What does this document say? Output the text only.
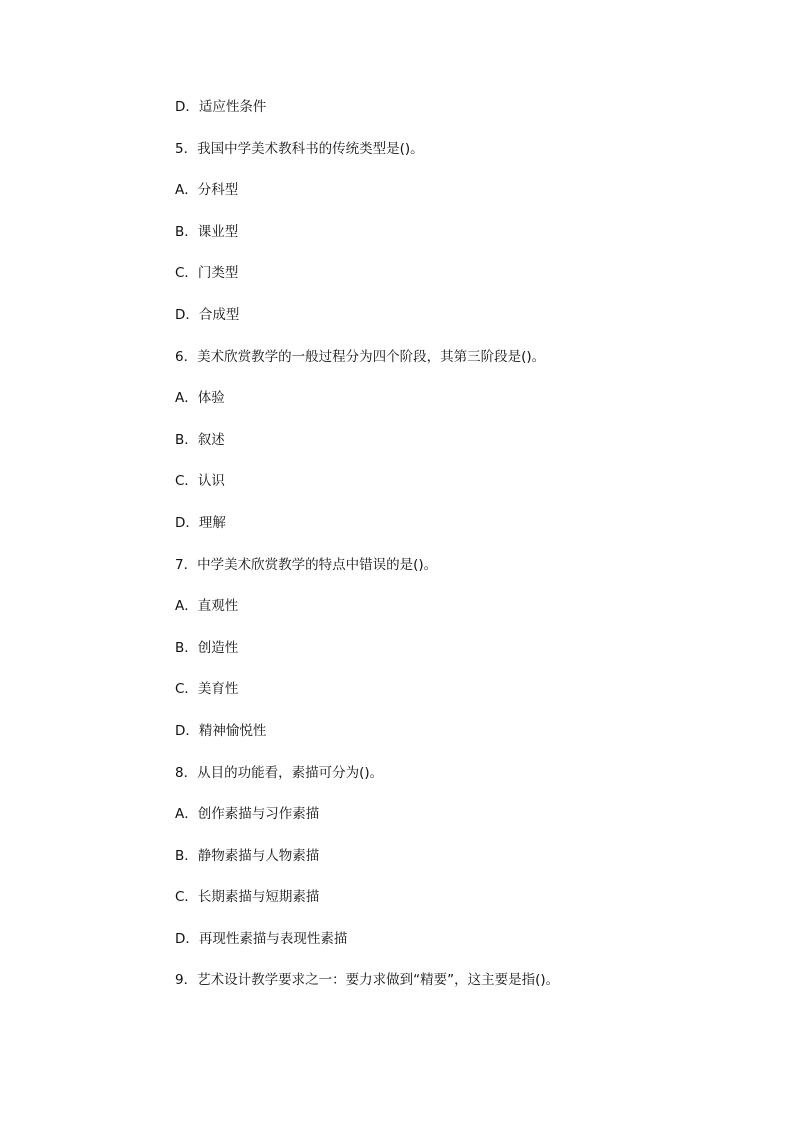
D．适应性条件
5．我国中学美术教科书的传统类型是()。
A．分科型
B．课业型
C．门类型
D．合成型
6．美术欣赏教学的一般过程分为四个阶段，其第三阶段是()。
A．体验
B．叙述
C．认识
D．理解
7．中学美术欣赏教学的特点中错误的是()。
A．直观性
B．创造性
C．美育性
D．精神愉悦性
8．从目的功能看，素描可分为()。
A．创作素描与习作素描
B．静物素描与人物素描
C．长期素描与短期素描
D．再现性素描与表现性素描
9．艺术设计教学要求之一：要力求做到“精要”，这主要是指()。
